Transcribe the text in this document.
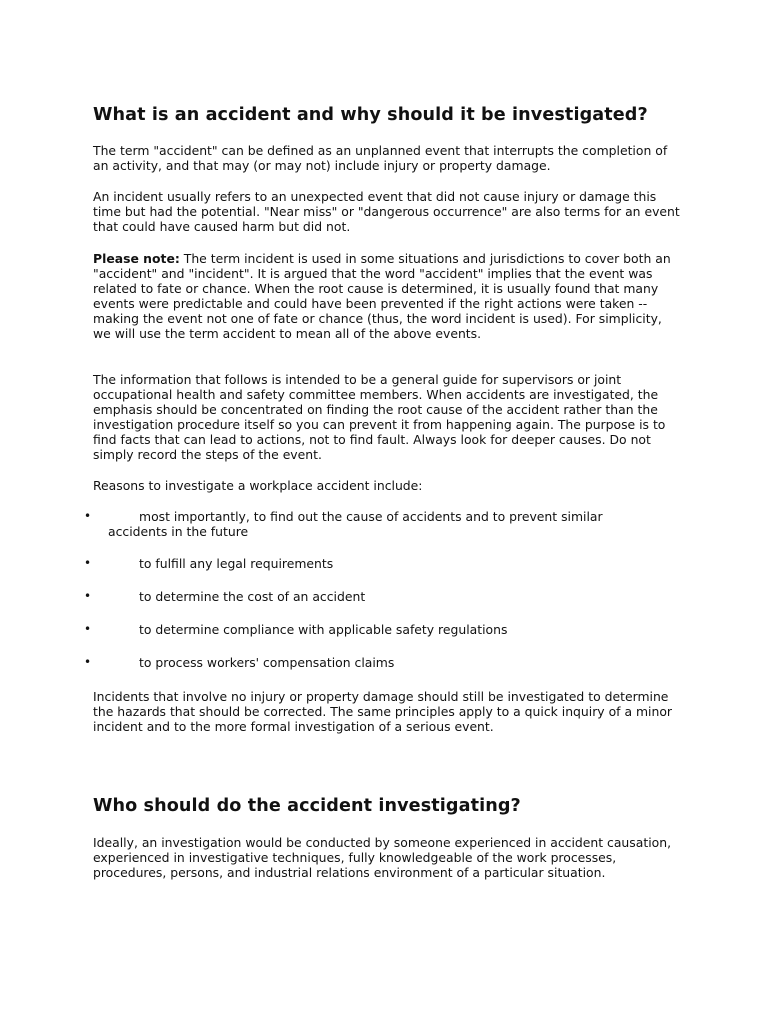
What is an accident and why should it be investigated?

The term "accident" can be defined as an unplanned event that interrupts the completion of an activity, and that may (or may not) include injury or property damage.

An incident usually refers to an unexpected event that did not cause injury or damage this time but had the potential. "Near miss" or "dangerous occurrence" are also terms for an event that could have caused harm but did not.

Please note: The term incident is used in some situations and jurisdictions to cover both an "accident" and "incident". It is argued that the word "accident" implies that the event was related to fate or chance. When the root cause is determined, it is usually found that many events were predictable and could have been prevented if the right actions were taken -- making the event not one of fate or chance (thus, the word incident is used). For simplicity, we will use the term accident to mean all of the above events.

The information that follows is intended to be a general guide for supervisors or joint occupational health and safety committee members. When accidents are investigated, the emphasis should be concentrated on finding the root cause of the accident rather than the investigation procedure itself so you can prevent it from happening again. The purpose is to find facts that can lead to actions, not to find fault. Always look for deeper causes. Do not simply record the steps of the event.

Reasons to investigate a workplace accident include:

Incidents that involve no injury or property damage should still be investigated to determine the hazards that should be corrected. The same principles apply to a quick inquiry of a minor incident and to the more formal investigation of a serious event.

Who should do the accident investigating?

Ideally, an investigation would be conducted by someone experienced in accident causation, experienced in investigative techniques, fully knowledgeable of the work processes, procedures, persons, and industrial relations environment of a particular situation.

•	most importantly, to find out the cause of accidents and to prevent similar accidents in the future
•	to fulfill any legal requirements
•	to determine the cost of an accident
•	to determine compliance with applicable safety regulations
•	to process workers' compensation claims
